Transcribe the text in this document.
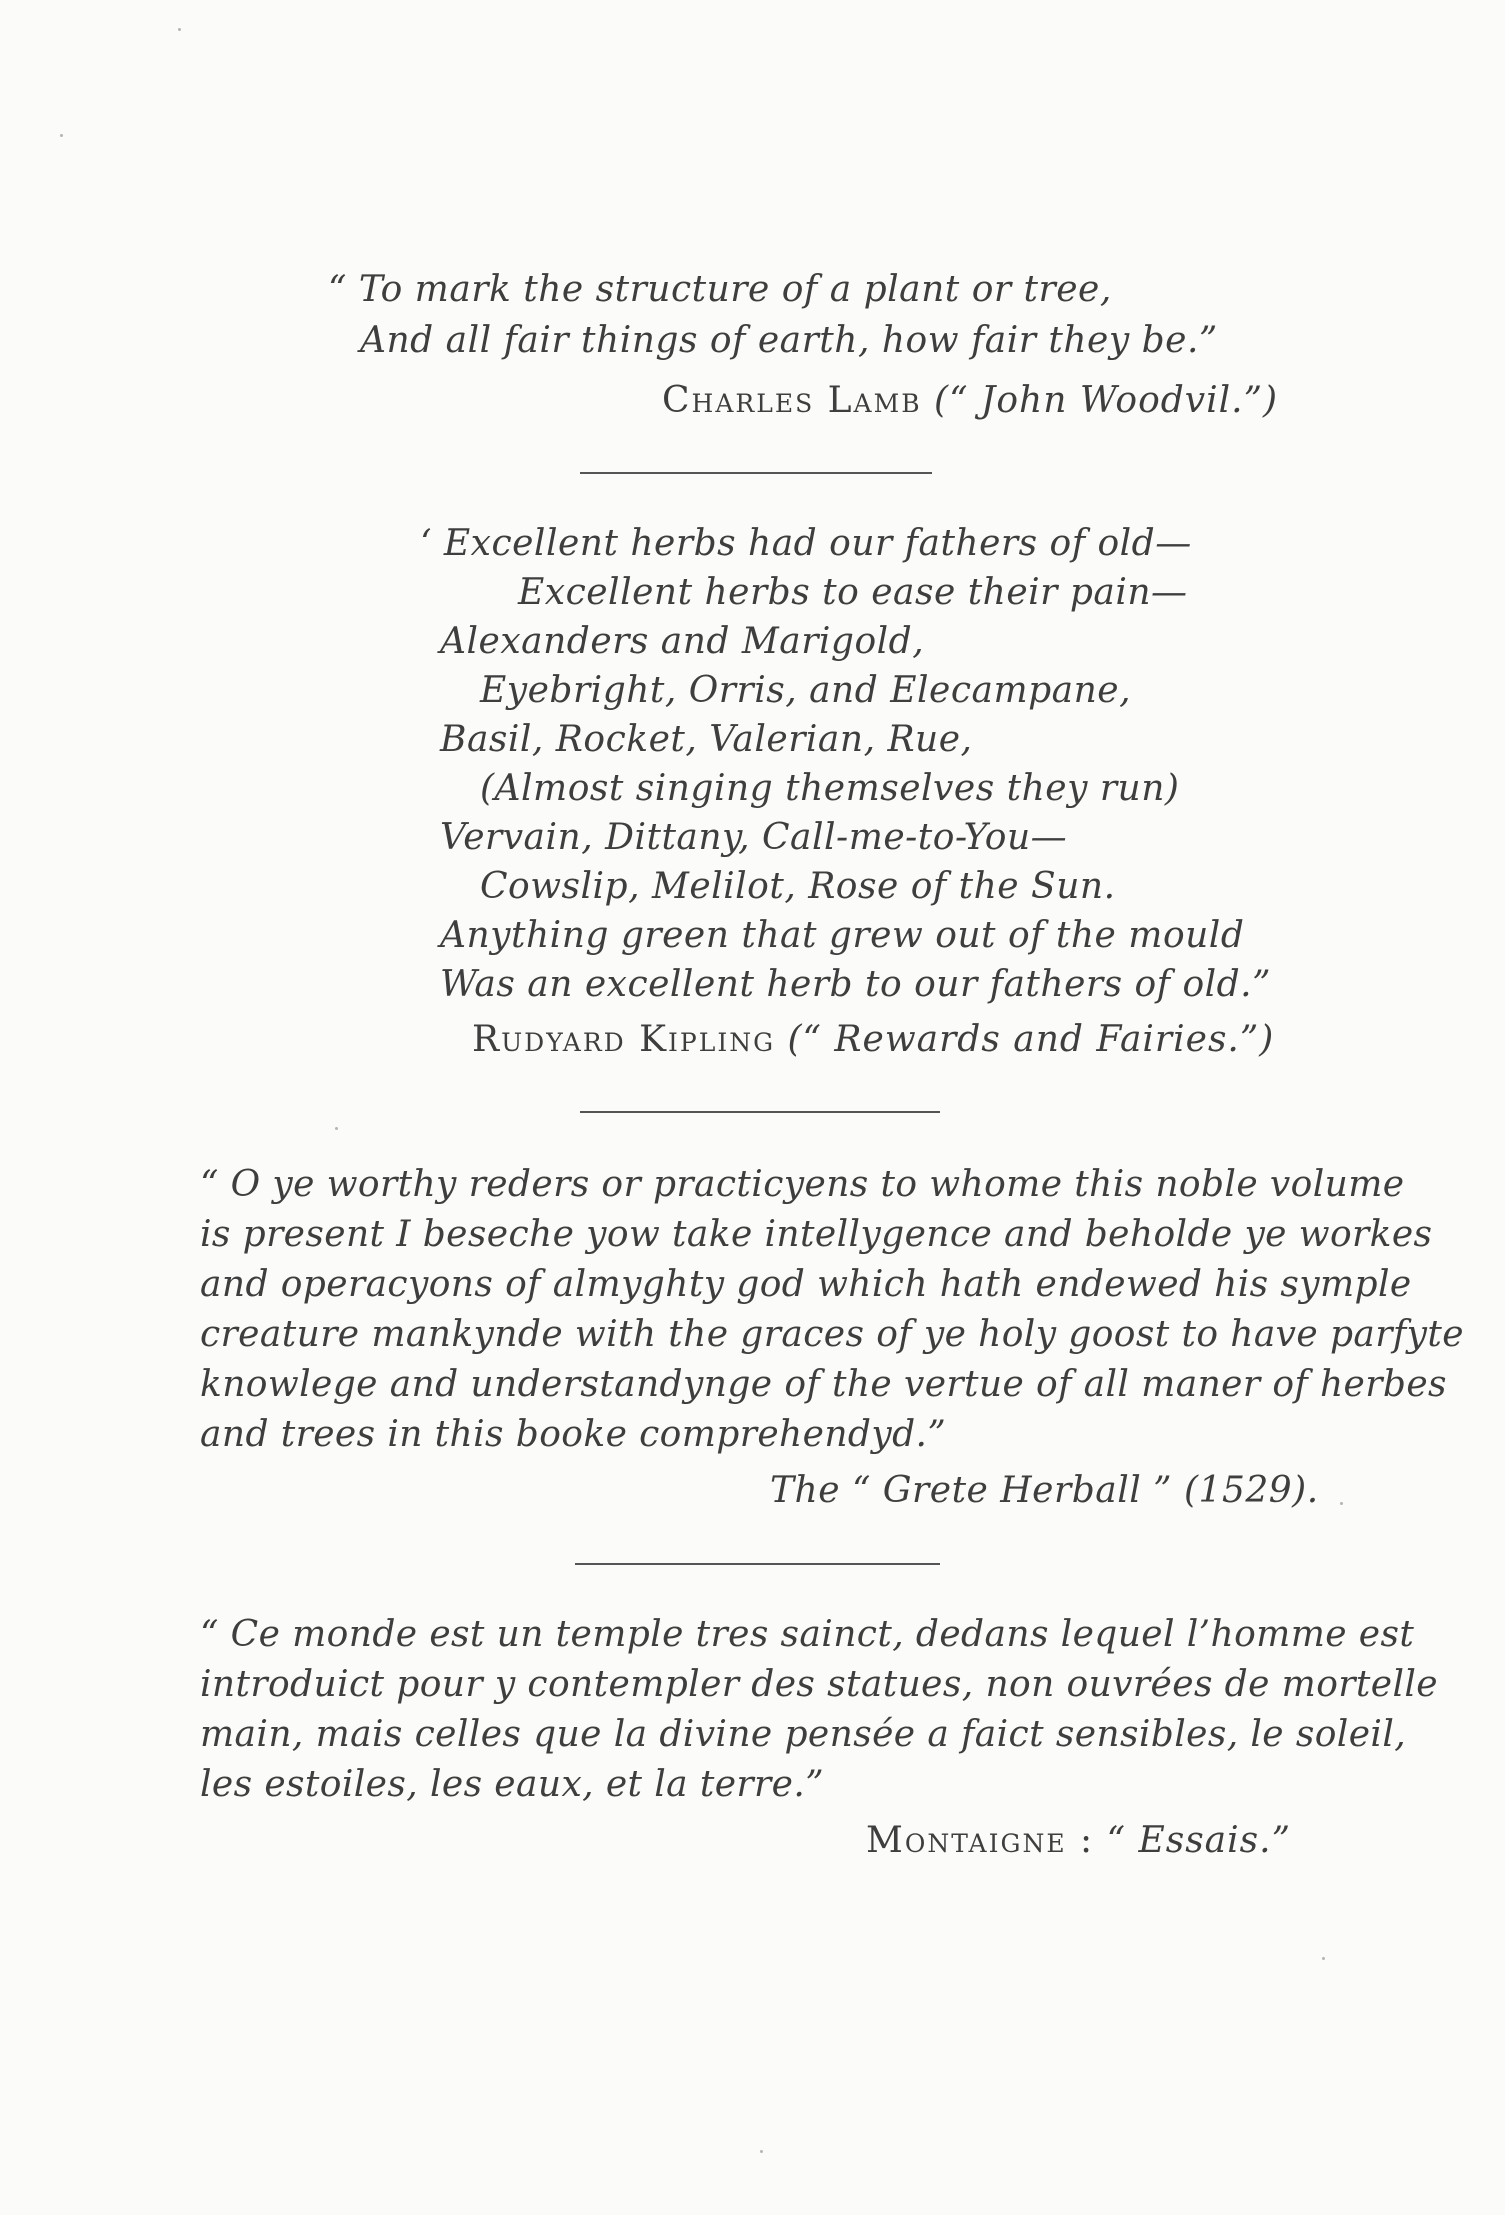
“ To mark the structure of a plant or tree,
And all fair things of earth, how fair they be.”
Charles Lamb (“ John Woodvil.”)
‘ Excellent herbs had our fathers of old—
Excellent herbs to ease their pain—
Alexanders and Marigold,
Eyebright, Orris, and Elecampane,
Basil, Rocket, Valerian, Rue,
(Almost singing themselves they run)
Vervain, Dittany, Call-me-to-You—
Cowslip, Melilot, Rose of the Sun.
Anything green that grew out of the mould
Was an excellent herb to our fathers of old.”
Rudyard Kipling (“ Rewards and Fairies.”)
“ O ye worthy reders or practicyens to whome this noble volume
is present I beseche yow take intellygence and beholde ye workes
and operacyons of almyghty god which hath endewed his symple
creature mankynde with the graces of ye holy goost to have parfyte
knowlege and understandynge of the vertue of all maner of herbes
and trees in this booke comprehendyd.”
The “ Grete Herball ” (1529).
“ Ce monde est un temple tres sainct, dedans lequel l’homme est
introduict pour y contempler des statues, non ouvrées de mortelle
main, mais celles que la divine pensée a faict sensibles, le soleil,
les estoiles, les eaux, et la terre.”
Montaigne : “ Essais.”
